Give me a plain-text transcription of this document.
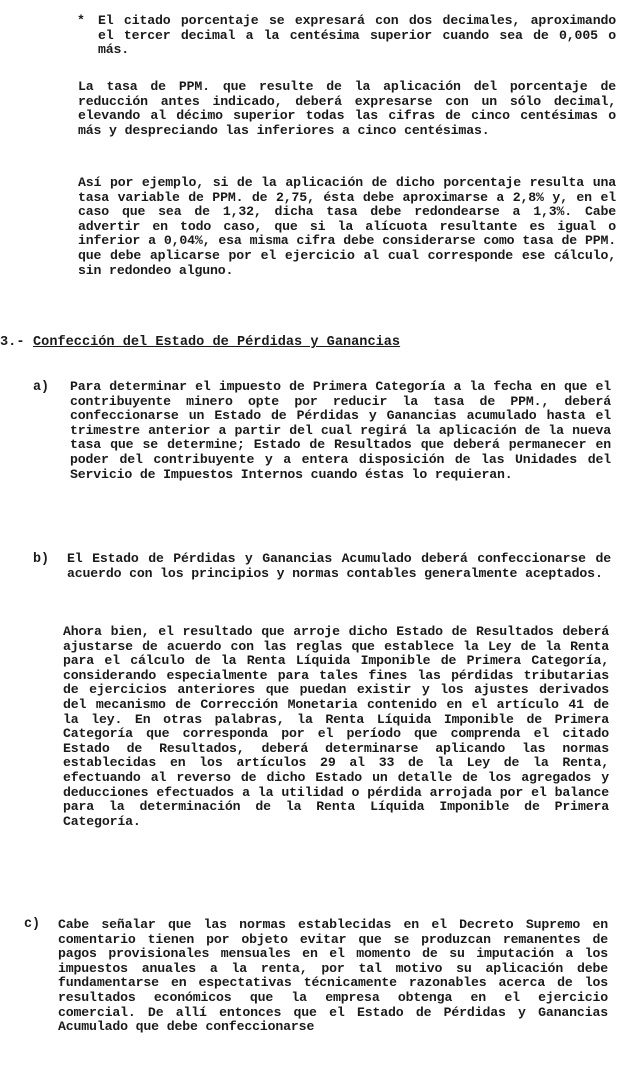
*	El citado porcentaje se expresará con dos decimales, aproximando el tercer decimal a la centésima superior cuando sea de 0,005 o más.

La tasa de PPM. que resulte de la aplicación del porcentaje de reducción antes indicado, deberá expresarse con un sólo decimal, elevando al décimo superior todas las cifras de cinco centésimas o más y despreciando las inferiores a cinco centésimas.

Así por ejemplo, si de la aplicación de dicho porcentaje resulta una tasa variable de PPM. de 2,75, ésta debe aproximarse a 2,8% y, en el caso que sea de 1,32, dicha tasa debe redondearse a 1,3%. Cabe advertir en todo caso, que si la alícuota resultante es igual o inferior a 0,04%, esa misma cifra debe considerarse como tasa de PPM. que debe aplicarse por el ejercicio al cual corresponde ese cálculo, sin redondeo alguno.

3.- Confección del Estado de Pérdidas y Ganancias
a) Para determinar el impuesto de Primera Categoría a la fecha en que el contribuyente minero opte por reducir la tasa de PPM., deberá confeccionarse un Estado de Pérdidas y Ganancias acumulado hasta el trimestre anterior a partir del cual regirá la aplicación de la nueva tasa que se determine; Estado de Resultados que deberá permanecer en poder del contribuyente y a entera disposición de las Unidades del Servicio de Impuestos Internos cuando éstas lo requieran.

b) El Estado de Pérdidas y Ganancias Acumulado deberá confeccionarse de acuerdo con los principios y normas contables generalmente aceptados.

Ahora bien, el resultado que arroje dicho Estado de Resultados deberá ajustarse de acuerdo con las reglas que establece la Ley de la Renta para el cálculo de la Renta Líquida Imponible de Primera Categoría, considerando especialmente para tales fines las pérdidas tributarias de ejercicios anteriores que puedan existir y los ajustes derivados del mecanismo de Corrección Monetaria contenido en el artículo 41 de la ley. En otras palabras, la Renta Líquida Imponible de Primera Categoría que corresponda por el período que comprenda el citado Estado de Resultados, deberá determinarse aplicando las normas establecidas en los artículos 29 al 33 de la Ley de la Renta, efectuando al reverso de dicho Estado un detalle de los agregados y deducciones efectuados a la utilidad o pérdida arrojada por el balance para la determinación de la Renta Líquida Imponible de Primera Categoría.

c) Cabe señalar que las normas establecidas en el Decreto Supremo en comentario tienen por objeto evitar que se produzcan remanentes de pagos provisionales mensuales en el momento de su imputación a los impuestos anuales a la renta, por tal motivo su aplicación debe fundamentarse en espectativas técnicamente razonables acerca de los resultados económicos que la empresa obtenga en el ejercicio comercial. De allí entonces que el Estado de Pérdidas y Ganancias Acumulado que debe confeccionarse
